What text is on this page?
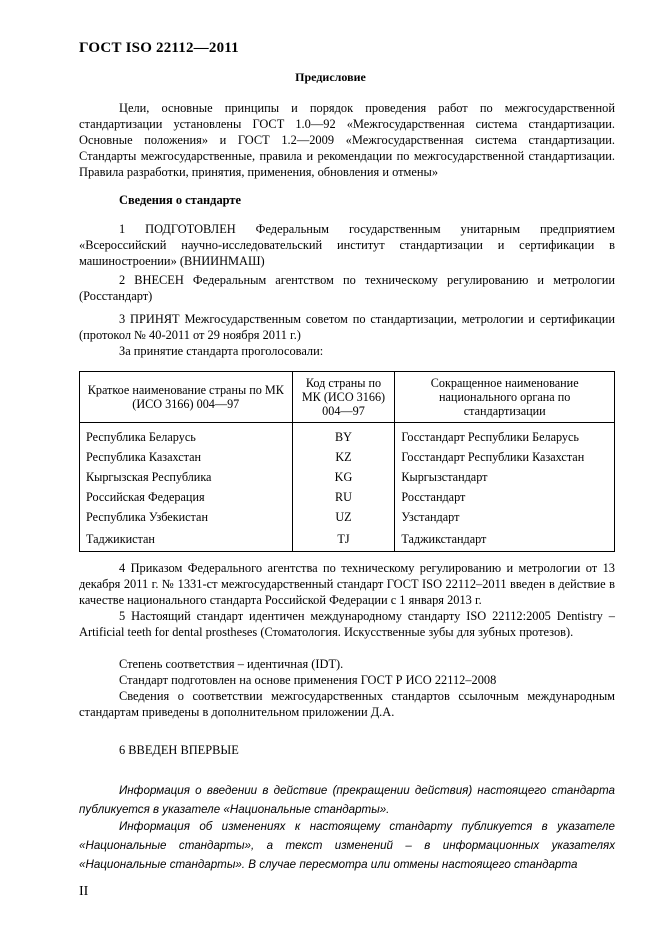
ГОСТ ISO 22112—2011
Предисловие
Цели, основные принципы и порядок проведения работ по межгосударственной стандартизации установлены ГОСТ 1.0—92 «Межгосударственная система стандартизации. Основные положения» и ГОСТ 1.2—2009 «Межгосударственная система стандартизации. Стандарты межгосударственные, правила и рекомендации по межгосударственной стандартизации. Правила разработки, принятия, применения, обновления и отмены»
Сведения о стандарте
1 ПОДГОТОВЛЕН Федеральным государственным унитарным предприятием «Всероссийский научно-исследовательский институт стандартизации и сертификации в машиностроении» (ВНИИНМАШ)
2 ВНЕСЕН Федеральным агентством по техническому регулированию и метрологии (Росстандарт)
3 ПРИНЯТ Межгосударственным советом по стандартизации, метрологии и сертификации (протокол № 40-2011 от 29 ноября 2011 г.)
За принятие стандарта проголосовали:
Краткое наименование страны по МК (ИСО 3166) 004—97	Код страны по МК (ИСО 3166) 004—97	Сокращенное наименование национального органа по стандартизации
Республика Беларусь	BY	Госстандарт Республики Беларусь
Республика Казахстан	KZ	Госстандарт Республики Казахстан
Кыргызская Республика	KG	Кыргызстандарт
Российская Федерация	RU	Росстандарт
Республика Узбекистан	UZ	Узстандарт
Таджикистан	TJ	Таджикстандарт
4 Приказом Федерального агентства по техническому регулированию и метрологии от 13 декабря 2011 г. № 1331-ст межгосударственный стандарт ГОСТ ISO 22112–2011 введен в действие в качестве национального стандарта Российской Федерации с 1 января 2013 г.
5 Настоящий стандарт идентичен международному стандарту ISO 22112:2005 Dentistry – Artificial teeth for dental prostheses (Стоматология. Искусственные зубы для зубных протезов).
Степень соответствия – идентичная (IDT).
Стандарт подготовлен на основе применения ГОСТ Р ИСО 22112–2008
Сведения о соответствии межгосударственных стандартов ссылочным международным стандартам приведены в дополнительном приложении Д.А.
6 ВВЕДЕН ВПЕРВЫЕ
Информация о введении в действие (прекращении действия) настоящего стандарта публикуется в указателе «Национальные стандарты».
Информация об изменениях к настоящему стандарту публикуется в указателе «Национальные стандарты», а текст изменений – в информационных указателях «Национальные стандарты». В случае пересмотра или отмены настоящего стандарта
II
